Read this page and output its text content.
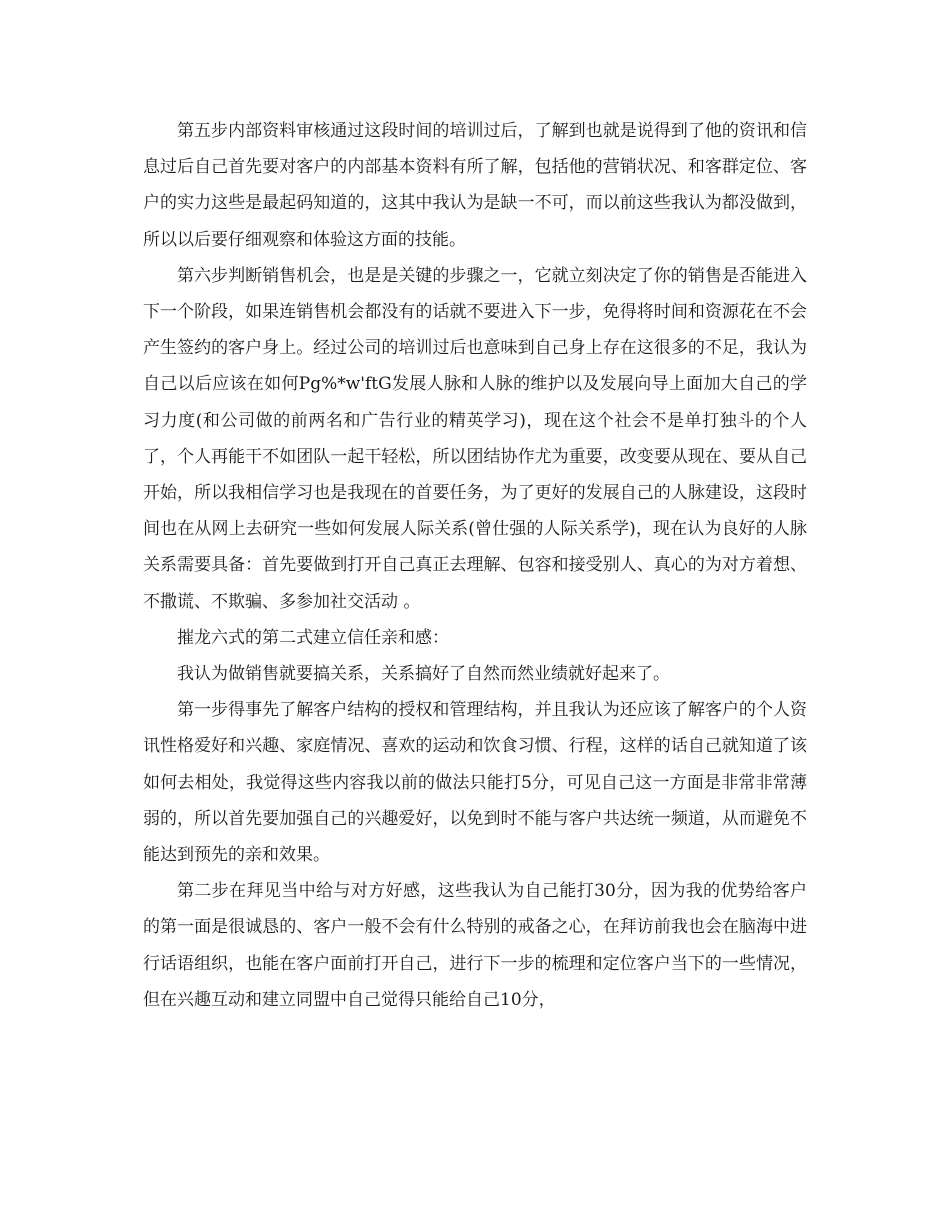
第五步内部资料审核通过这段时间的培训过后，了解到也就是说得到了他的资讯和信息过后自己首先要对客户的内部基本资料有所了解，包括他的营销状况、和客群定位、客户的实力这些是最起码知道的，这其中我认为是缺一不可，而以前这些我认为都没做到，所以以后要仔细观察和体验这方面的技能。

第六步判断销售机会，也是是关键的步骤之一，它就立刻决定了你的销售是否能进入下一个阶段，如果连销售机会都没有的话就不要进入下一步，免得将时间和资源花在不会产生签约的客户身上。经过公司的培训过后也意味到自己身上存在这很多的不足，我认为自己以后应该在如何Pg%*w'ftG发展人脉和人脉的维护以及发展向导上面加大自己的学习力度(和公司做的前两名和广告行业的精英学习)，现在这个社会不是单打独斗的个人了，个人再能干不如团队一起干轻松，所以团结协作尤为重要，改变要从现在、要从自己开始，所以我相信学习也是我现在的首要任务，为了更好的发展自己的人脉建设，这段时间也在从网上去研究一些如何发展人际关系(曾仕强的人际关系学)，现在认为良好的人脉关系需要具备：首先要做到打开自己真正去理解、包容和接受别人、真心的为对方着想、不撒谎、不欺骗、多参加社交活动 。

摧龙六式的第二式建立信任亲和感：

我认为做销售就要搞关系，关系搞好了自然而然业绩就好起来了。

第一步得事先了解客户结构的授权和管理结构，并且我认为还应该了解客户的个人资讯性格爱好和兴趣、家庭情况、喜欢的运动和饮食习惯、行程，这样的话自己就知道了该如何去相处，我觉得这些内容我以前的做法只能打5分，可见自己这一方面是非常非常薄弱的，所以首先要加强自己的兴趣爱好，以免到时不能与客户共达统一频道，从而避免不能达到预先的亲和效果。

第二步在拜见当中给与对方好感，这些我认为自己能打30分，因为我的优势给客户的第一面是很诚恳的、客户一般不会有什么特别的戒备之心，在拜访前我也会在脑海中进行话语组织，也能在客户面前打开自己，进行下一步的梳理和定位客户当下的一些情况，但在兴趣互动和建立同盟中自己觉得只能给自己10分，
